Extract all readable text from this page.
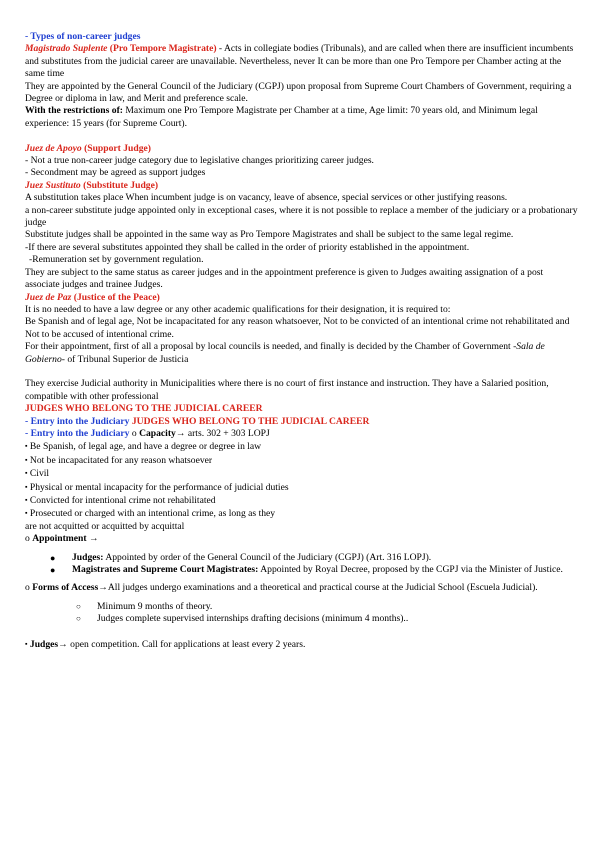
- Types of non-career judges

Magistrado Suplente (Pro Tempore Magistrate) - Acts in collegiate bodies (Tribunals), and are called when there are insufficient incumbents and substitutes from the judicial career are unavailable. Nevertheless, never It can be more than one Pro Tempore per Chamber acting at the same time

They are appointed by the General Council of the Judiciary (CGPJ) upon proposal from Supreme Court Chambers of Government, requiring a Degree or diploma in law, and Merit and preference scale.

With the restrictions of: Maximum one Pro Tempore Magistrate per Chamber at a time, Age limit: 70 years old, and Minimum legal experience: 15 years (for Supreme Court).

Juez de Apoyo (Support Judge)

- Not a true non-career judge category due to legislative changes prioritizing career judges.

- Secondment may be agreed as support judges

Juez Sustituto (Substitute Judge)

A substitution takes place When incumbent judge is on vacancy, leave of absence, special services or other justifying reasons.

a non-career substitute judge appointed only in exceptional cases, where it is not possible to replace a member of the judiciary or a probationary judge

Substitute judges shall be appointed in the same way as Pro Tempore Magistrates and shall be subject to the same legal regime.

-If there are several substitutes appointed they shall be called in the order of priority established in the appointment.

-Remuneration set by government regulation.

They are subject to the same status as career judges and in the appointment preference is given to Judges awaiting assignation of a post associate judges and trainee Judges.

Juez de Paz (Justice of the Peace)

It is no needed to have a law degree or any other academic qualifications for their designation, it is required to:

Be Spanish and of legal age, Not be incapacitated for any reason whatsoever, Not to be convicted of an intentional crime not rehabilitated and Not to be accused of intentional crime.

For their appointment, first of all a proposal by local councils is needed, and finally is decided by the Chamber of Government -Sala de Gobierno- of Tribunal Superior de Justicia

They exercise Judicial authority in Municipalities where there is no court of first instance and instruction. They have a Salaried position, compatible with other professional

JUDGES WHO BELONG TO THE JUDICIAL CAREER

- Entry into the Judiciary JUDGES WHO BELONG TO THE JUDICIAL CAREER

- Entry into the Judiciary o Capacity→ arts. 302 + 303 LOPJ

▪ Be Spanish, of legal age, and have a degree or degree in law

▪ Not be incapacitated for any reason whatsoever

▪ Civil

▪ Physical or mental incapacity for the performance of judicial duties

▪ Convicted for intentional crime not rehabilitated

▪ Prosecuted or charged with an intentional crime, as long as they

are not acquitted or acquitted by acquittal

o Appointment →

● Judges: Appointed by order of the General Council of the Judiciary (CGPJ) (Art. 316 LOPJ).
● Magistrates and Supreme Court Magistrates: Appointed by Royal Decree, proposed by the CGPJ via the Minister of Justice.

o Forms of Access→All judges undergo examinations and a theoretical and practical course at the Judicial School (Escuela Judicial).

○ Minimum 9 months of theory.
○ Judges complete supervised internships drafting decisions (minimum 4 months)..

▪ Judges→ open competition. Call for applications at least every 2 years.
